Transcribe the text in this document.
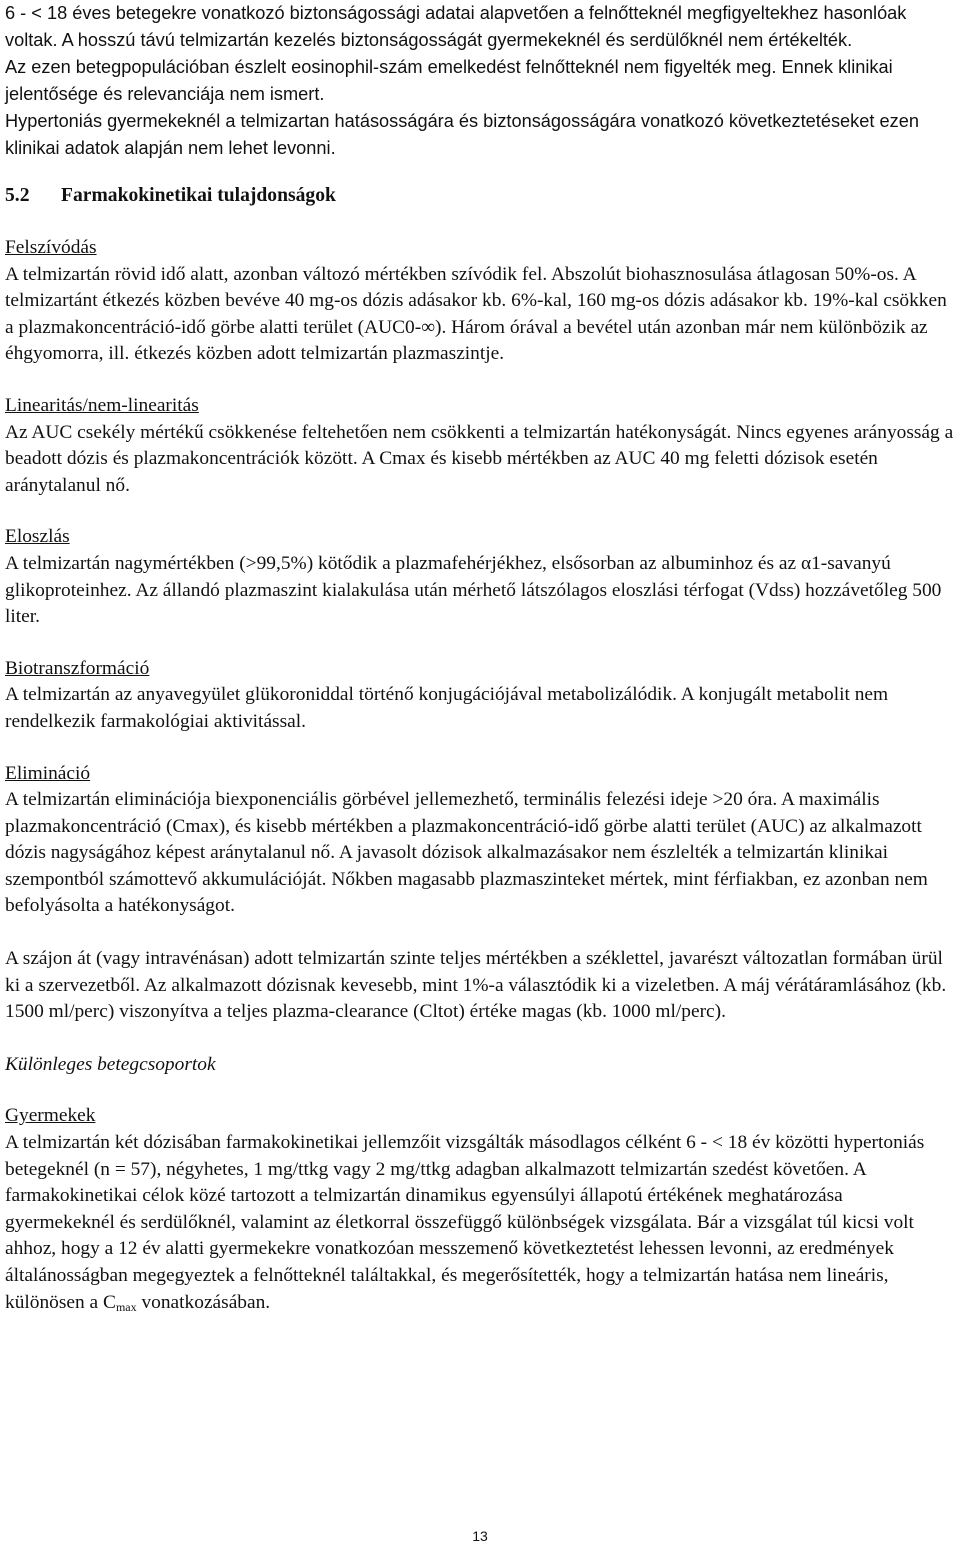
6 - < 18 éves betegekre vonatkozó biztonságossági adatai alapvetően a felnőtteknél megfigyeltekhez hasonlóak voltak. A hosszú távú telmizartán kezelés biztonságosságát gyermekeknél és serdülőknél nem értékelték.

Az ezen betegpopulációban észlelt eosinophil-szám emelkedést felnőtteknél nem figyelték meg. Ennek klinikai jelentősége és relevanciája nem ismert.

Hypertoniás gyermekeknél a telmizartan hatásosságára és biztonságosságára vonatkozó következtetéseket ezen klinikai adatok alapján nem lehet levonni.

5.2 Farmakokinetikai tulajdonságok

Felszívódás

A telmizartán rövid idő alatt, azonban változó mértékben szívódik fel. Abszolút biohasznosulása átlagosan 50%-os. A telmizartánt étkezés közben bevéve 40 mg-os dózis adásakor kb. 6%-kal, 160 mg-os dózis adásakor kb. 19%-kal csökken a plazmakoncentráció-idő görbe alatti terület (AUC0-∞). Három órával a bevétel után azonban már nem különbözik az éhgyomorra, ill. étkezés közben adott telmizartán plazmaszintje.

Linearitás/nem-linearitás

Az AUC csekély mértékű csökkenése feltehetően nem csökkenti a telmizartán hatékonyságát. Nincs egyenes arányosság a beadott dózis és plazmakoncentrációk között. A Cmax és kisebb mértékben az AUC 40 mg feletti dózisok esetén aránytalanul nő.

Eloszlás

A telmizartán nagymértékben (>99,5%) kötődik a plazmafehérjékhez, elsősorban az albuminhoz és az α1-savanyú glikoproteinhez. Az állandó plazmaszint kialakulása után mérhető látszólagos eloszlási térfogat (Vdss) hozzávetőleg 500 liter.

Biotranszformáció

A telmizartán az anyavegyület glükoroniddal történő konjugációjával metabolizálódik. A konjugált metabolit nem rendelkezik farmakológiai aktivitással.

Elimináció

A telmizartán eliminációja biexponenciális görbével jellemezhető, terminális felezési ideje >20 óra. A maximális plazmakoncentráció (Cmax), és kisebb mértékben a plazmakoncentráció-idő görbe alatti terület (AUC) az alkalmazott dózis nagyságához képest aránytalanul nő. A javasolt dózisok alkalmazásakor nem észlelték a telmizartán klinikai szempontból számottevő akkumulációját. Nőkben magasabb plazmaszinteket mértek, mint férfiakban, ez azonban nem befolyásolta a hatékonyságot.

A szájon át (vagy intravénásan) adott telmizartán szinte teljes mértékben a széklettel, javarészt változatlan formában ürül ki a szervezetből. Az alkalmazott dózisnak kevesebb, mint 1%-a választódik ki a vizeletben. A máj vérátáramlásához (kb. 1500 ml/perc) viszonyítva a teljes plazma-clearance (Cltot) értéke magas (kb. 1000 ml/perc).

Különleges betegcsoportok

Gyermekek

A telmizartán két dózisában farmakokinetikai jellemzőit vizsgálták másodlagos célként 6 - < 18 év közötti hypertoniás betegeknél (n = 57), négyhetes, 1 mg/ttkg vagy 2 mg/ttkg adagban alkalmazott telmizartán szedést követően. A farmakokinetikai célok közé tartozott a telmizartán dinamikus egyensúlyi állapotú értékének meghatározása gyermekeknél és serdülőknél, valamint az életkorral összefüggő különbségek vizsgálata. Bár a vizsgálat túl kicsi volt ahhoz, hogy a 12 év alatti gyermekekre vonatkozóan messzemenő következtetést lehessen levonni, az eredmények általánosságban megegyeztek a felnőtteknél találtakkal, és megerősítették, hogy a telmizartán hatása nem lineáris, különösen a $C_{max}$ vonatkozásában.

13
